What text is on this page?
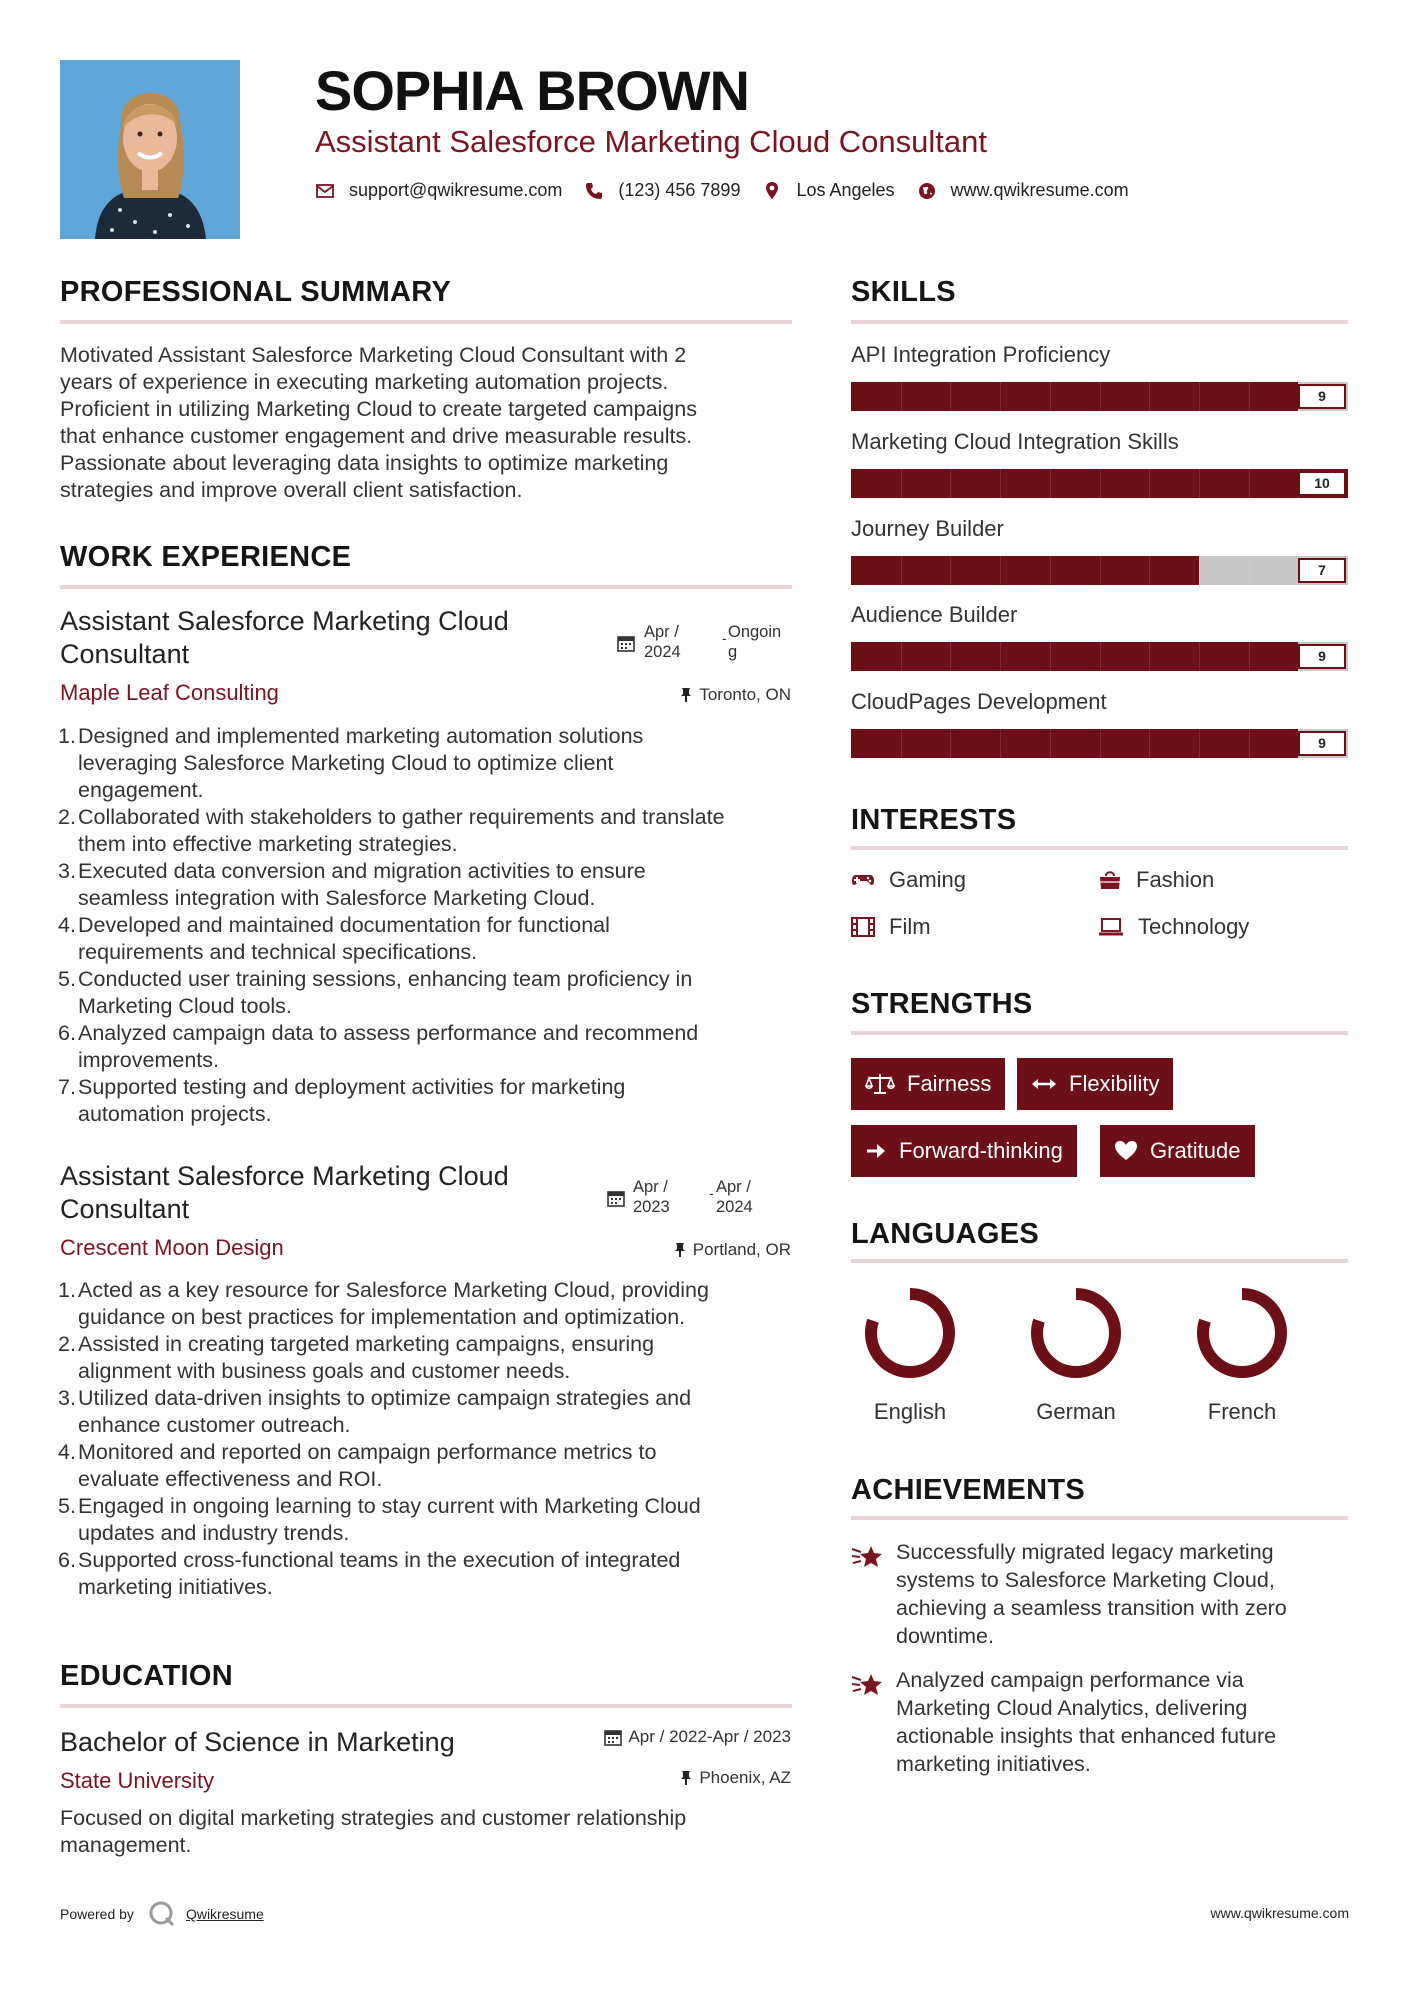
SOPHIA BROWN
Assistant Salesforce Marketing Cloud Consultant
support@qwikresume.com	(123) 456 7899	Los Angeles	www.qwikresume.com
PROFESSIONAL SUMMARY
Motivated Assistant Salesforce Marketing Cloud Consultant with 2
years of experience in executing marketing automation projects.
Proficient in utilizing Marketing Cloud to create targeted campaigns
that enhance customer engagement and drive measurable results.
Passionate about leveraging data insights to optimize marketing
strategies and improve overall client satisfaction.
WORK EXPERIENCE
Assistant Salesforce Marketing Cloud
Consultant
Apr /
2024
- Ongoin
g
Maple Leaf Consulting	Toronto, ON
1. Designed and implemented marketing automation solutions
leveraging Salesforce Marketing Cloud to optimize client
engagement.
2. Collaborated with stakeholders to gather requirements and translate
them into effective marketing strategies.
3. Executed data conversion and migration activities to ensure
seamless integration with Salesforce Marketing Cloud.
4. Developed and maintained documentation for functional
requirements and technical specifications.
5. Conducted user training sessions, enhancing team proficiency in
Marketing Cloud tools.
6. Analyzed campaign data to assess performance and recommend
improvements.
7. Supported testing and deployment activities for marketing
automation projects.
Assistant Salesforce Marketing Cloud
Consultant
Apr /
2023
- Apr /
2024
Crescent Moon Design	Portland, OR
1. Acted as a key resource for Salesforce Marketing Cloud, providing
guidance on best practices for implementation and optimization.
2. Assisted in creating targeted marketing campaigns, ensuring
alignment with business goals and customer needs.
3. Utilized data-driven insights to optimize campaign strategies and
enhance customer outreach.
4. Monitored and reported on campaign performance metrics to
evaluate effectiveness and ROI.
5. Engaged in ongoing learning to stay current with Marketing Cloud
updates and industry trends.
6. Supported cross-functional teams in the execution of integrated
marketing initiatives.
EDUCATION
Bachelor of Science in Marketing	Apr / 2022-Apr / 2023
State University	Phoenix, AZ
Focused on digital marketing strategies and customer relationship
management.
SKILLS
API Integration Proficiency
9
Marketing Cloud Integration Skills
10
Journey Builder
7
Audience Builder
9
CloudPages Development
9
INTERESTS
Gaming	Fashion
Film	Technology
STRENGTHS
Fairness	Flexibility
Forward-thinking	Gratitude
LANGUAGES
English	German	French
ACHIEVEMENTS
Successfully migrated legacy marketing
systems to Salesforce Marketing Cloud,
achieving a seamless transition with zero
downtime.
Analyzed campaign performance via
Marketing Cloud Analytics, delivering
actionable insights that enhanced future
marketing initiatives.
Powered by	Qwikresume	www.qwikresume.com
